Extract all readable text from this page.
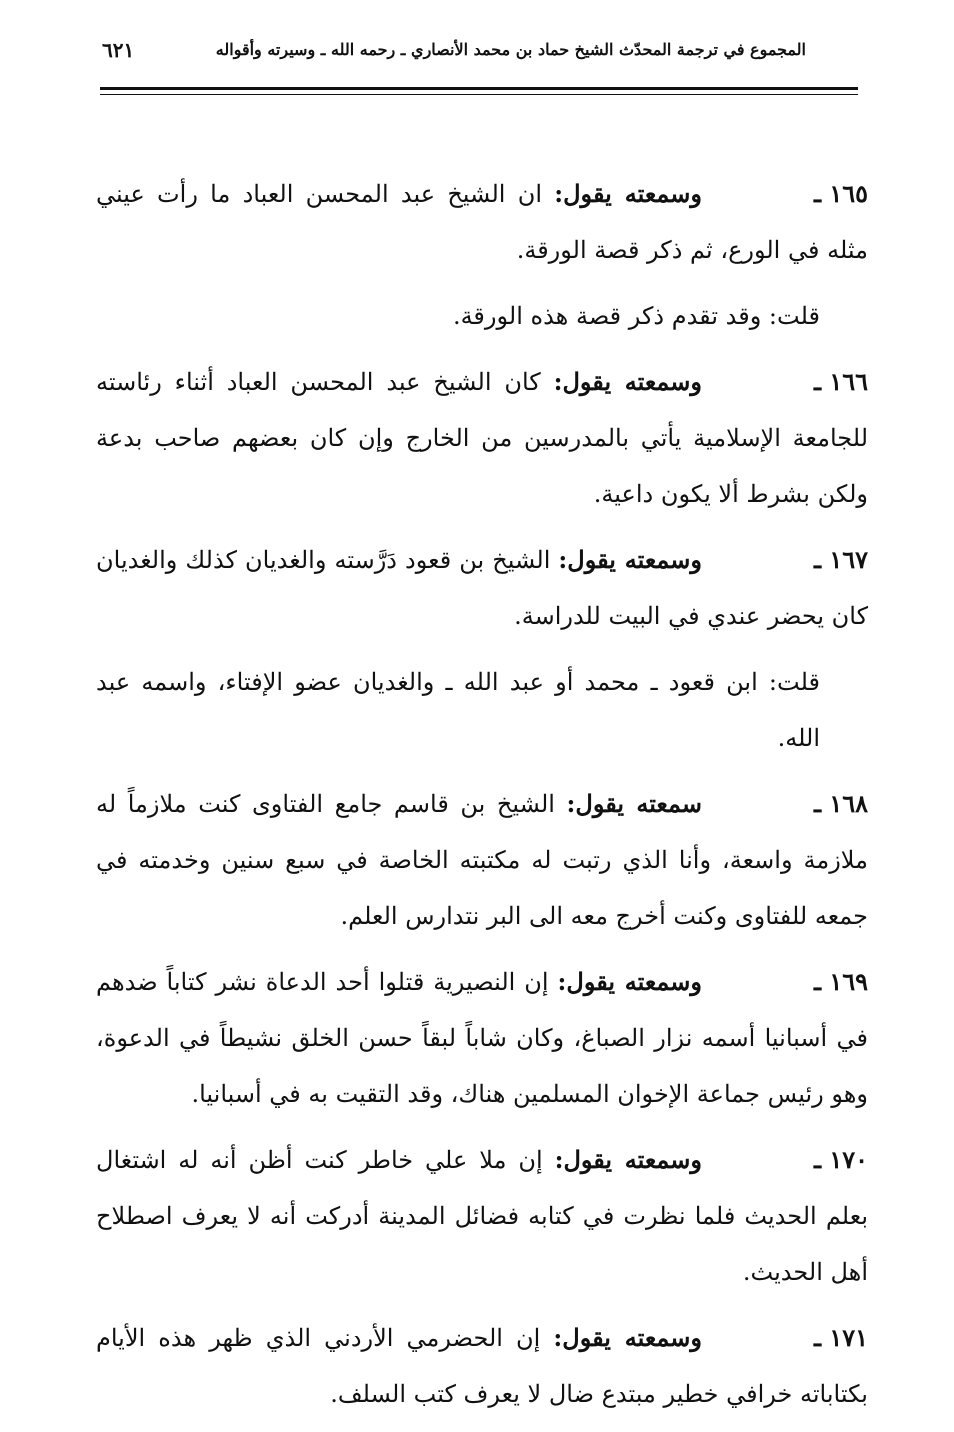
المجموع في ترجمة المحدّث الشيخ حماد بن محمد الأنصاري ـ رحمه الله ـ وسيرته وأقواله
٦٢١

١٦٥ ـوسمعته يقول: ان الشيخ عبد المحسن العباد ما رأت عيني مثله في الورع، ثم ذكر قصة الورقة.

قلت: وقد تقدم ذكر قصة هذه الورقة.

١٦٦ ـوسمعته يقول: كان الشيخ عبد المحسن العباد أثناء رئاسته للجامعة الإسلامية يأتي بالمدرسين من الخارج وإن كان بعضهم صاحب بدعة ولكن بشرط ألا يكون داعية.

١٦٧ ـوسمعته يقول: الشيخ بن قعود دَرَّسته والغديان كذلك والغديان كان يحضر عندي في البيت للدراسة.

قلت: ابن قعود ـ محمد أو عبد الله ـ والغديان عضو الإفتاء، واسمه عبد الله.

١٦٨ ـسمعته يقول: الشيخ بن قاسم جامع الفتاوى كنت ملازماً له ملازمة واسعة، وأنا الذي رتبت له مكتبته الخاصة في سبع سنين وخدمته في جمعه للفتاوى وكنت أخرج معه الى البر نتدارس العلم.

١٦٩ ـوسمعته يقول: إن النصيرية قتلوا أحد الدعاة نشر كتاباً ضدهم في أسبانيا أسمه نزار الصباغ، وكان شاباً لبقاً حسن الخلق نشيطاً في الدعوة، وهو رئيس جماعة الإخوان المسلمين هناك، وقد التقيت به في أسبانيا.

١٧٠ ـوسمعته يقول: إن ملا علي خاطر كنت أظن أنه له اشتغال بعلم الحديث فلما نظرت في كتابه فضائل المدينة أدركت أنه لا يعرف اصطلاح أهل الحديث.

١٧١ ـوسمعته يقول: إن الحضرمي الأردني الذي ظهر هذه الأيام بكتاباته خرافي خطير مبتدع ضال لا يعرف كتب السلف.
